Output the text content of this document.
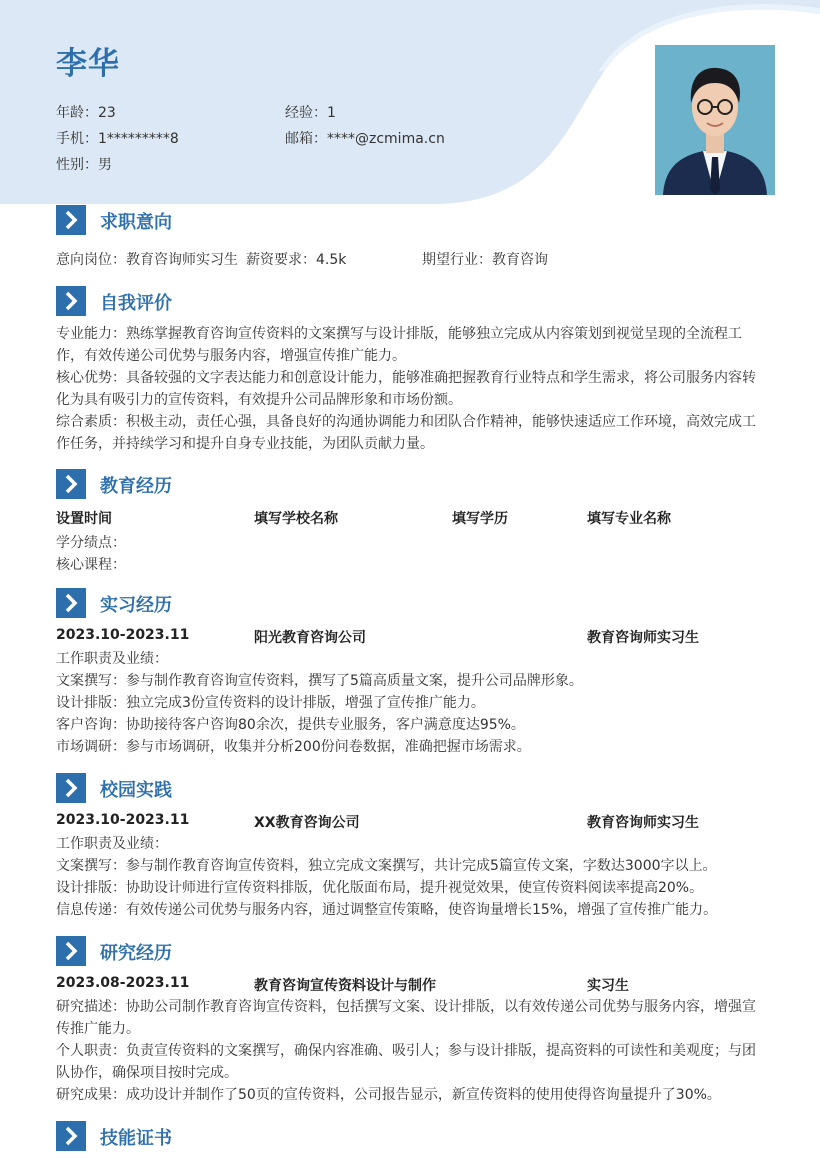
李华
年龄：23	经验：1
手机：1*********8	邮箱：****@zcmima.cn
性别：男
求职意向
意向岗位：教育咨询师实习生 薪资要求：4.5k	期望行业：教育咨询
自我评价
专业能力：熟练掌握教育咨询宣传资料的文案撰写与设计排版，能够独立完成从内容策划到视觉呈现的全流程工作，有效传递公司优势与服务内容，增强宣传推广能力。
核心优势：具备较强的文字表达能力和创意设计能力，能够准确把握教育行业特点和学生需求，将公司服务内容转化为具有吸引力的宣传资料，有效提升公司品牌形象和市场份额。
综合素质：积极主动，责任心强，具备良好的沟通协调能力和团队合作精神，能够快速适应工作环境，高效完成工作任务，并持续学习和提升自身专业技能，为团队贡献力量。
教育经历
设置时间	填写学校名称	填写学历	填写专业名称
学分绩点：
核心课程：
实习经历
2023.10-2023.11	阳光教育咨询公司	教育咨询师实习生
工作职责及业绩：
文案撰写：参与制作教育咨询宣传资料，撰写了5篇高质量文案，提升公司品牌形象。
设计排版：独立完成3份宣传资料的设计排版，增强了宣传推广能力。
客户咨询：协助接待客户咨询80余次，提供专业服务，客户满意度达95%。
市场调研：参与市场调研，收集并分析200份问卷数据，准确把握市场需求。
校园实践
2023.10-2023.11	XX教育咨询公司	教育咨询师实习生
工作职责及业绩：
文案撰写：参与制作教育咨询宣传资料，独立完成文案撰写，共计完成5篇宣传文案，字数达3000字以上。
设计排版：协助设计师进行宣传资料排版，优化版面布局，提升视觉效果，使宣传资料阅读率提高20%。
信息传递：有效传递公司优势与服务内容，通过调整宣传策略，使咨询量增长15%，增强了宣传推广能力。
研究经历
2023.08-2023.11	教育咨询宣传资料设计与制作	实习生
研究描述：协助公司制作教育咨询宣传资料，包括撰写文案、设计排版，以有效传递公司优势与服务内容，增强宣传推广能力。
个人职责：负责宣传资料的文案撰写，确保内容准确、吸引人；参与设计排版，提高资料的可读性和美观度；与团队协作，确保项目按时完成。
研究成果：成功设计并制作了50页的宣传资料，公司报告显示，新宣传资料的使用使得咨询量提升了30%。
技能证书
